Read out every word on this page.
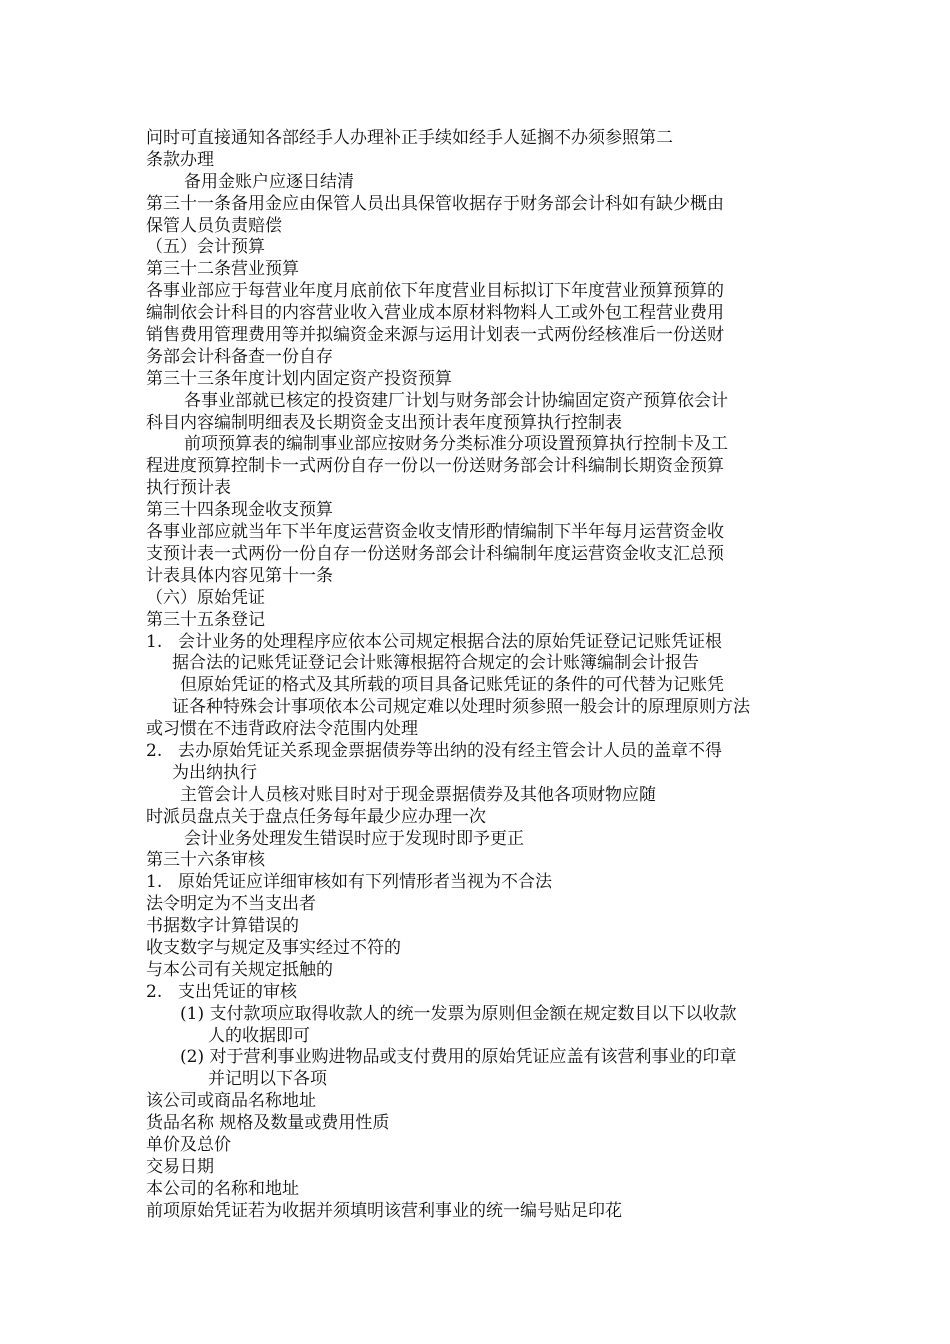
问时可直接通知各部经手人办理补正手续如经手人延搁不办须参照第二

条款办理

备用金账户应逐日结清

第三十一条备用金应由保管人员出具保管收据存于财务部会计科如有缺少概由

保管人员负责赔偿

（五）会计预算

第三十二条营业预算

各事业部应于每营业年度月底前依下年度营业目标拟订下年度营业预算预算的

编制依会计科目的内容营业收入营业成本原材料物料人工或外包工程营业费用

销售费用管理费用等并拟编资金来源与运用计划表一式两份经核准后一份送财

务部会计科备查一份自存

第三十三条年度计划内固定资产投资预算

各事业部就已核定的投资建厂计划与财务部会计协编固定资产预算依会计

科目内容编制明细表及长期资金支出预计表年度预算执行控制表

前项预算表的编制事业部应按财务分类标准分项设置预算执行控制卡及工

程进度预算控制卡一式两份自存一份以一份送财务部会计科编制长期资金预算

执行预计表

第三十四条现金收支预算

各事业部应就当年下半年度运营资金收支情形酌情编制下半年每月运营资金收

支预计表一式两份一份自存一份送财务部会计科编制年度运营资金收支汇总预

计表具体内容见第十一条

（六）原始凭证

第三十五条登记

1. 会计业务的处理程序应依本公司规定根据合法的原始凭证登记记账凭证根

据合法的记账凭证登记会计账簿根据符合规定的会计账簿编制会计报告

但原始凭证的格式及其所载的项目具备记账凭证的条件的可代替为记账凭

证各种特殊会计事项依本公司规定难以处理时须参照一般会计的原理原则方法

或习惯在不违背政府法令范围内处理

2. 去办原始凭证关系现金票据债券等出纳的没有经主管会计人员的盖章不得

为出纳执行

主管会计人员核对账目时对于现金票据债券及其他各项财物应随

时派员盘点关于盘点任务每年最少应办理一次

会计业务处理发生错误时应于发现时即予更正

第三十六条审核

1. 原始凭证应详细审核如有下列情形者当视为不合法

法令明定为不当支出者

书据数字计算错误的

收支数字与规定及事实经过不符的

与本公司有关规定抵触的

2. 支出凭证的审核

(1) 支付款项应取得收款人的统一发票为原则但金额在规定数目以下以收款

人的收据即可

(2) 对于营利事业购进物品或支付费用的原始凭证应盖有该营利事业的印章

并记明以下各项

该公司或商品名称地址

货品名称 规格及数量或费用性质

单价及总价

交易日期

本公司的名称和地址

前项原始凭证若为收据并须填明该营利事业的统一编号贴足印花
